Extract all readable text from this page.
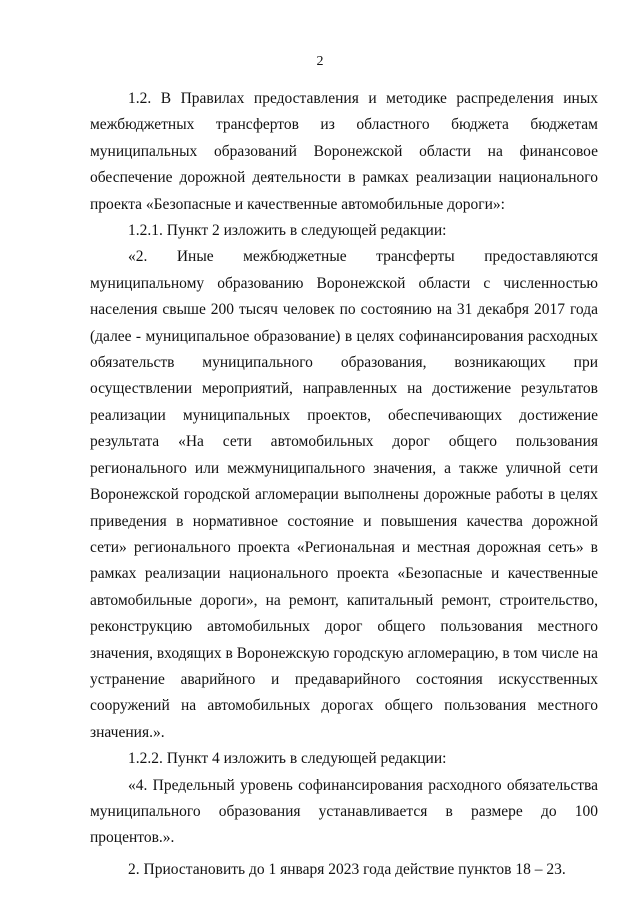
2

1.2. В Правилах предоставления и методике распределения иных межбюджетных трансфертов из областного бюджета бюджетам муниципальных образований Воронежской области на финансовое обеспечение дорожной деятельности в рамках реализации национального проекта «Безопасные и качественные автомобильные дороги»:

1.2.1. Пункт 2 изложить в следующей редакции:

«2. Иные межбюджетные трансферты предоставляются муниципальному образованию Воронежской области с численностью населения свыше 200 тысяч человек по состоянию на 31 декабря 2017 года (далее - муниципальное образование) в целях софинансирования расходных обязательств муниципального образования, возникающих при осуществлении мероприятий, направленных на достижение результатов реализации муниципальных проектов, обеспечивающих достижение результата «На сети автомобильных дорог общего пользования регионального или межмуниципального значения, а также уличной сети Воронежской городской агломерации выполнены дорожные работы в целях приведения в нормативное состояние и повышения качества дорожной сети» регионального проекта «Региональная и местная дорожная сеть» в рамках реализации национального проекта «Безопасные и качественные автомобильные дороги», на ремонт, капитальный ремонт, строительство, реконструкцию автомобильных дорог общего пользования местного значения, входящих в Воронежскую городскую агломерацию, в том числе на устранение аварийного и предаварийного состояния искусственных сооружений на автомобильных дорогах общего пользования местного значения.».

1.2.2. Пункт 4 изложить в следующей редакции:

«4. Предельный уровень софинансирования расходного обязательства муниципального образования устанавливается в размере до 100 процентов.».

2. Приостановить до 1 января 2023 года действие пунктов 18 – 23.
